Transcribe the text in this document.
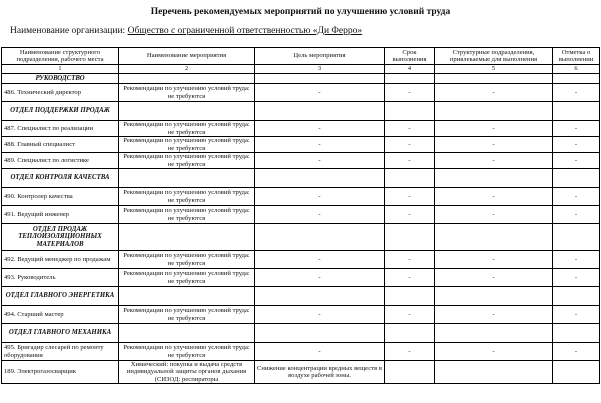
Перечень рекомендуемых мероприятий по улучшению условий труда
Наименование организации: Общество с ограниченной ответственностью «Ди Ферро»
Наименование структурного подразделения, рабочего места	Наименование мероприятия	Цель мероприятия	Срок выполнения	Структурные подразделения, привлекаемые для выполнения	Отметка о выполнении
1	2	3	4	5	6
РУКОВОДСТВО					
486. Технический директор	Рекомендации по улучшению условий труда: не требуются	-	-	-	-
ОТДЕЛ ПОДДЕРЖКИ ПРОДАЖ					
487. Специалист по реализации	Рекомендации по улучшению условий труда: не требуются	-	-	-	-
488. Главный специалист	Рекомендации по улучшению условий труда: не требуются	-	-	-	-
489. Специалист по логистике	Рекомендации по улучшению условий труда: не требуются	-	-	-	-
ОТДЕЛ КОНТРОЛЯ КАЧЕСТВА					
490. Контролер качества	Рекомендации по улучшению условий труда: не требуются	-	-	-	-
491. Ведущий инженер	Рекомендации по улучшению условий труда: не требуются	-	-	-	-
ОТДЕЛ ПРОДАЖ ТЕПЛОИЗОЛЯЦИОННЫХ МАТЕРИАЛОВ					
492. Ведущий менеджер по продажам	Рекомендации по улучшению условий труда: не требуются	-	-	-	-
493. Руководитель	Рекомендации по улучшению условий труда: не требуются	-	-	-	-
ОТДЕЛ ГЛАВНОГО ЭНЕРГЕТИКА					
494. Старший мастер	Рекомендации по улучшению условий труда: не требуются	-	-	-	-
ОТДЕЛ ГЛАВНОГО МЕХАНИКА					
495. Бригадир слесарей по ремонту оборудования	Рекомендации по улучшению условий труда: не требуются	-	-	-	-
189. Электрогазосварщик	Химический: покупка и выдача средств индивидуальной защиты органов дыхания (СИЗОД: респираторы	Снижение концентрации вредных веществ в воздухе рабочей зоны.			
